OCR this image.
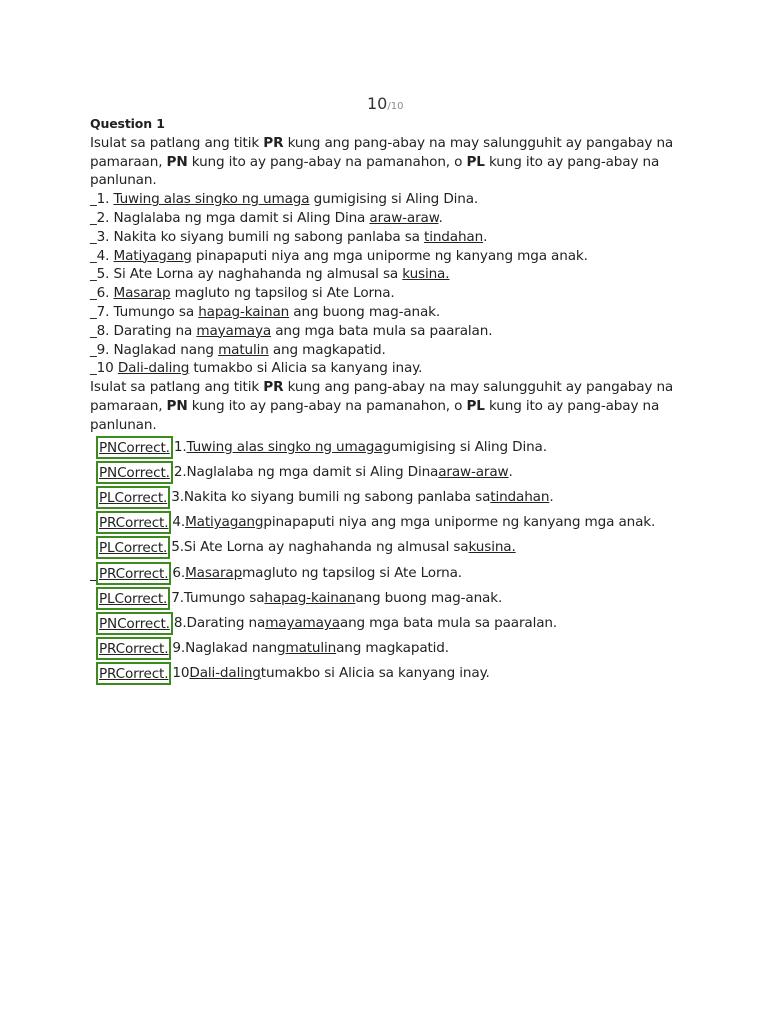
10/10
Question 1

Isulat sa patlang ang titik PR kung ang pang-abay na may salungguhit ay pangabay na pamaraan, PN kung ito ay pang-abay na pamanahon, o PL kung ito ay pang-abay na panlunan.

_1. Tuwing alas singko ng umaga gumigising si Aling Dina.
_2. Naglalaba ng mga damit si Aling Dina araw-araw.
_3. Nakita ko siyang bumili ng sabong panlaba sa tindahan.
_4. Matiyagang pinapaputi niya ang mga uniporme ng kanyang mga anak.
_5. Si Ate Lorna ay naghahanda ng almusal sa kusina.
_6. Masarap magluto ng tapsilog si Ate Lorna.
_7. Tumungo sa hapag-kainan ang buong mag-anak.
_8. Darating na mayamaya ang mga bata mula sa paaralan.
_9. Naglakad nang matulin ang magkapatid.
_10 Dali-daling tumakbo si Alicia sa kanyang inay.

Isulat sa patlang ang titik PR kung ang pang-abay na may salungguhit ay pangabay na pamaraan, PN kung ito ay pang-abay na pamanahon, o PL kung ito ay pang-abay na panlunan.

PNCorrect. 1. Tuwing alas singko ng umaga gumigising si Aling Dina.
PNCorrect. 2. Naglalaba ng mga damit si Aling Dina araw-araw .
PLCorrect. 3. Nakita ko siyang bumili ng sabong panlaba sa tindahan .
PRCorrect. 4. Matiyagang pinapaputi niya ang mga uniporme ng kanyang mga anak.
PLCorrect. 5. Si Ate Lorna ay naghahanda ng almusal sa kusina.
PRCorrect. 6. Masarap magluto ng tapsilog si Ate Lorna.
PLCorrect. 7. Tumungo sa hapag-kainan ang buong mag-anak.
PNCorrect. 8. Darating na mayamaya ang mga bata mula sa paaralan.
PRCorrect. 9. Naglakad nang matulin ang magkapatid.
PRCorrect. 10 Dali-daling tumakbo si Alicia sa kanyang inay.
